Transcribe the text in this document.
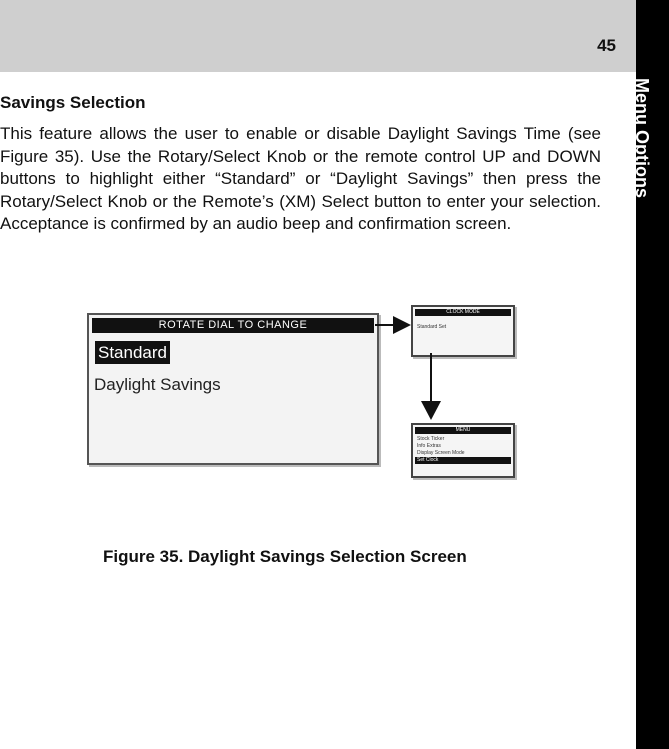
45
Menu Options
Savings Selection
This feature allows the user to enable or disable Daylight Savings Time (see Figure 35). Use the Rotary/Select Knob or the remote control UP and DOWN buttons to highlight either “Standard” or “Daylight Savings” then press the Rotary/Select Knob or the Remote’s (XM) Select button to enter your selection. Acceptance is confirmed by an audio beep and confirmation screen.
ROTATE DIAL TO CHANGE
Standard
Daylight Savings
CLOCK MODE
Standard Set
MENU
Stock Ticker
Info Extras
Display Screen Mode
Set Clock
Figure 35. Daylight Savings Selection Screen
